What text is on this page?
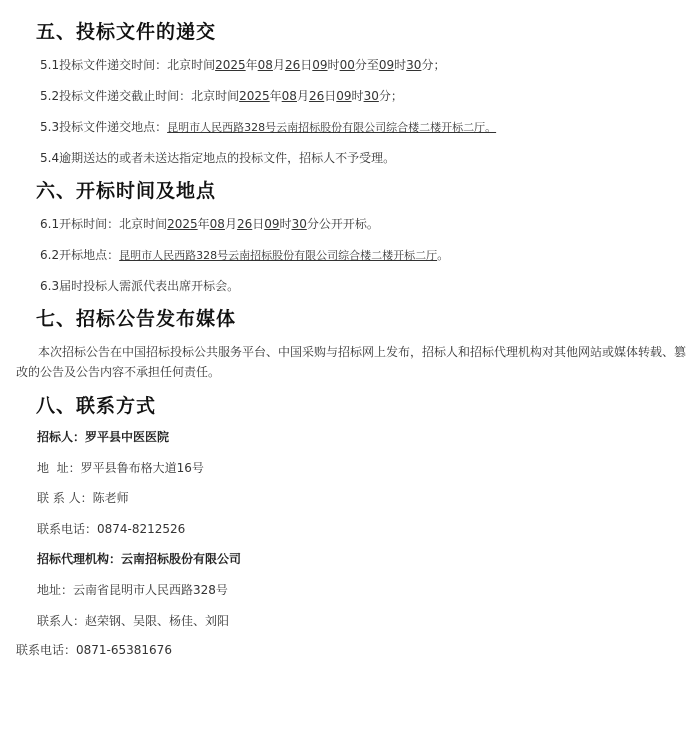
五、投标文件的递交

5.1投标文件递交时间：北京时间2025年08月26日09时00分至09时30分；

5.2投标文件递交截止时间：北京时间2025年08月26日09时30分；

5.3投标文件递交地点：昆明市人民西路328号云南招标股份有限公司综合楼二楼开标二厅。

5.4逾期送达的或者未送达指定地点的投标文件，招标人不予受理。

六、开标时间及地点

6.1开标时间：北京时间2025年08月26日09时30分公开开标。

6.2开标地点：昆明市人民西路328号云南招标股份有限公司综合楼二楼开标二厅。

6.3届时投标人需派代表出席开标会。

七、招标公告发布媒体

本次招标公告在中国招标投标公共服务平台、中国采购与招标网上发布，招标人和招标代理机构对其他网站或媒体转载、篡改的公告及公告内容不承担任何责任。

八、联系方式

招标人：罗平县中医医院

地  址：罗平县鲁布格大道16号

联 系 人：陈老师

联系电话：0874-8212526

招标代理机构：云南招标股份有限公司

地址：云南省昆明市人民西路328号

联系人：赵荣钢、吴限、杨佳、刘阳

联系电话：0871-65381676
